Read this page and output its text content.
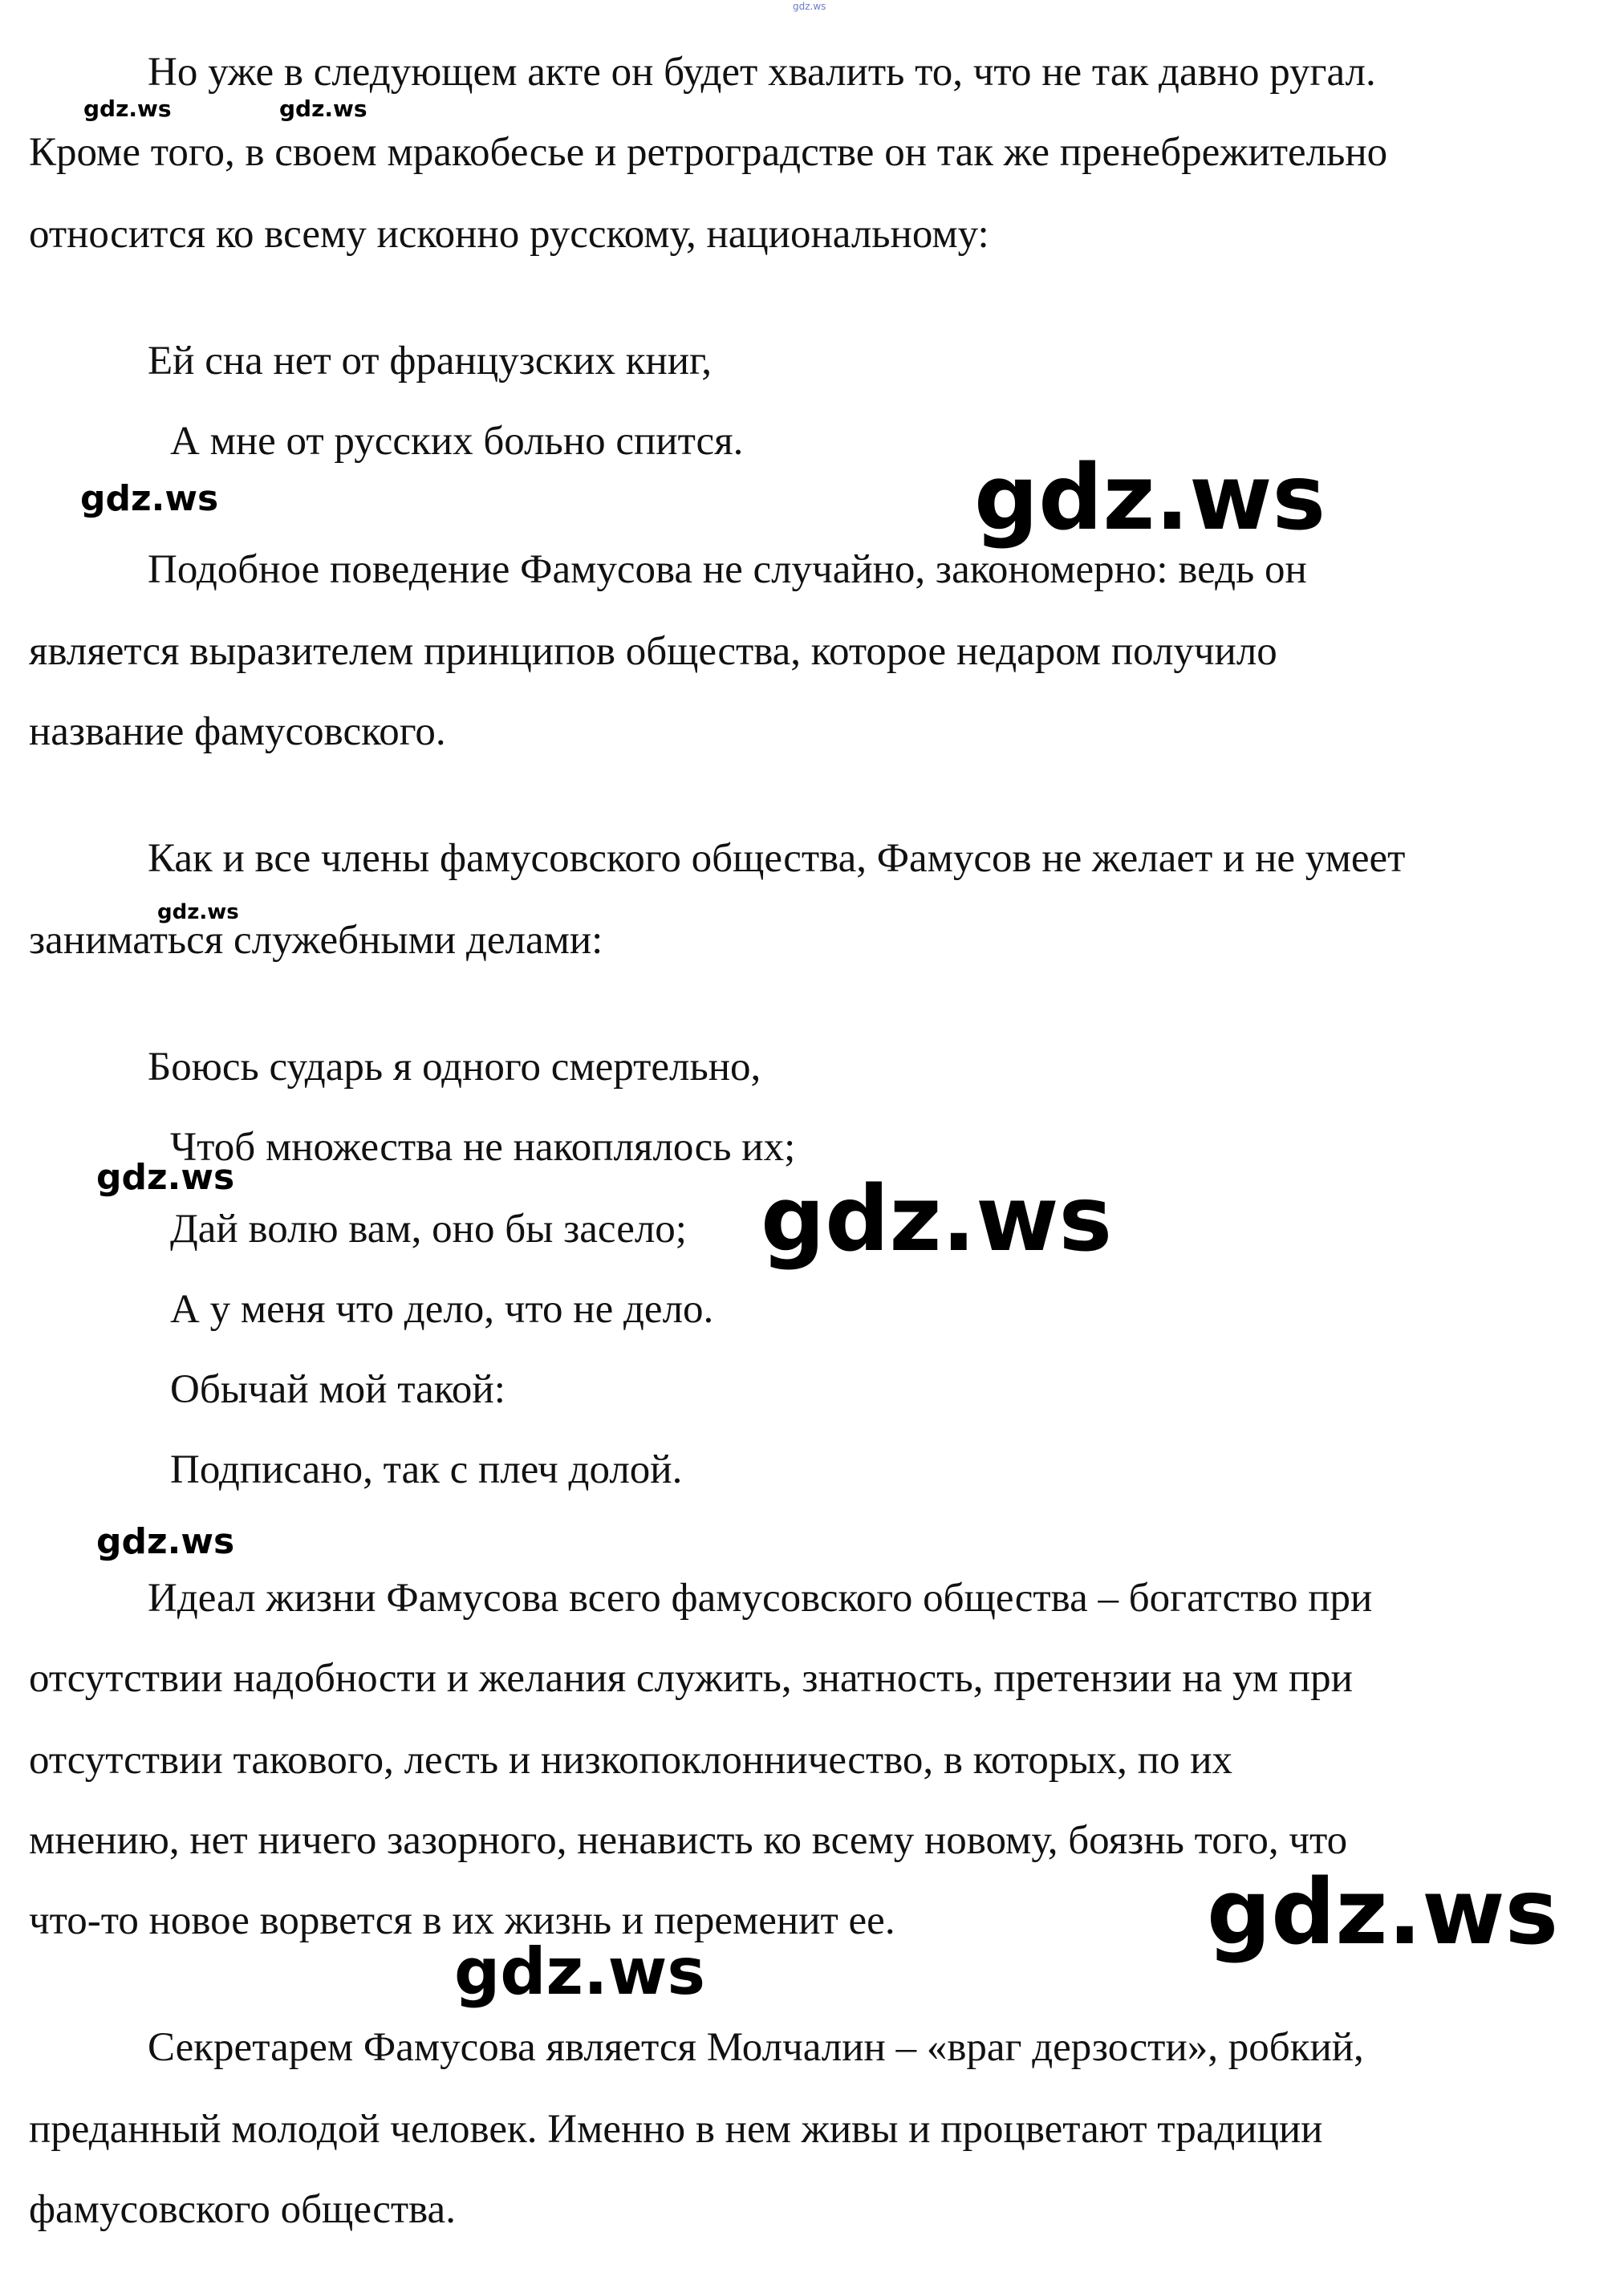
Но уже в следующем акте он будет хвалить то, что не так давно ругал.
Кроме того, в своем мракобесье и ретроградстве он так же пренебрежительно
относится ко всему исконно русскому, национальному:
Ей сна нет от французских книг,
А мне от русских больно спится.
Подобное поведение Фамусова не случайно, закономерно: ведь он
является выразителем принципов общества, которое недаром получило
название фамусовского.
Как и все члены фамусовского общества, Фамусов не желает и не умеет
заниматься служебными делами:
Боюсь сударь я одного смертельно,
Чтоб множества не накоплялось их;
Дай волю вам, оно бы засело;
А у меня что дело, что не дело.
Обычай мой такой:
Подписано, так с плеч долой.
Идеал жизни Фамусова всего фамусовского общества – богатство при
отсутствии надобности и желания служить, знатность, претензии на ум при
отсутствии такового, лесть и низкопоклонничество, в которых, по их
мнению, нет ничего зазорного, ненависть ко всему новому, боязнь того, что
что-то новое ворвется в их жизнь и переменит ее.
Секретарем Фамусова является Молчалин – «враг дерзости», робкий,
преданный молодой человек. Именно в нем живы и процветают традиции
фамусовского общества.
gdz.ws
gdz.ws	gdz.ws
gdz.ws	gdz.ws
gdz.ws
gdz.ws	gdz.ws
gdz.ws
gdz.ws
gdz.ws
